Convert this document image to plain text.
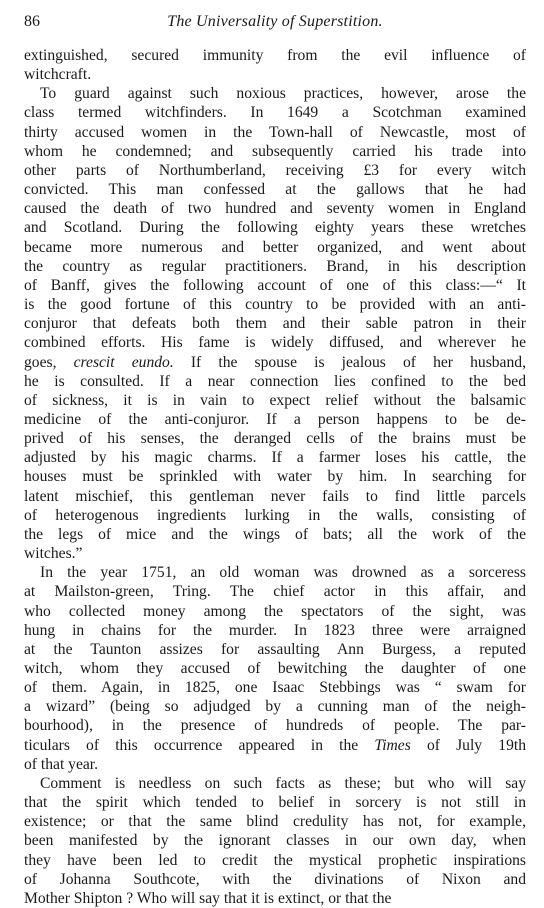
86	The Universality of Superstition.
extinguished, secured immunity from the evil influence of
witchcraft.
To guard against such noxious practices, however, arose the
class termed witchfinders. In 1649 a Scotchman examined
thirty accused women in the Town-hall of Newcastle, most of
whom he condemned; and subsequently carried his trade into
other parts of Northumberland, receiving £3 for every witch
convicted. This man confessed at the gallows that he had
caused the death of two hundred and seventy women in England
and Scotland. During the following eighty years these wretches
became more numerous and better organized, and went about
the country as regular practitioners. Brand, in his description
of Banff, gives the following account of one of this class:—“ It
is the good fortune of this country to be provided with an anti-
conjuror that defeats both them and their sable patron in their
combined efforts. His fame is widely diffused, and wherever he
goes, crescit eundo. If the spouse is jealous of her husband,
he is consulted. If a near connection lies confined to the bed
of sickness, it is in vain to expect relief without the balsamic
medicine of the anti-conjuror. If a person happens to be de-
prived of his senses, the deranged cells of the brains must be
adjusted by his magic charms. If a farmer loses his cattle, the
houses must be sprinkled with water by him. In searching for
latent mischief, this gentleman never fails to find little parcels
of heterogenous ingredients lurking in the walls, consisting of
the legs of mice and the wings of bats; all the work of the
witches.”
In the year 1751, an old woman was drowned as a sorceress
at Mailston-green, Tring. The chief actor in this affair, and
who collected money among the spectators of the sight, was
hung in chains for the murder. In 1823 three were arraigned
at the Taunton assizes for assaulting Ann Burgess, a reputed
witch, whom they accused of bewitching the daughter of one
of them. Again, in 1825, one Isaac Stebbings was “ swam for
a wizard” (being so adjudged by a cunning man of the neigh-
bourhood), in the presence of hundreds of people. The par-
ticulars of this occurrence appeared in the Times of July 19th
of that year.
Comment is needless on such facts as these; but who will say
that the spirit which tended to belief in sorcery is not still in
existence; or that the same blind credulity has not, for example,
been manifested by the ignorant classes in our own day, when
they have been led to credit the mystical prophetic inspirations
of Johanna Southcote, with the divinations of Nixon and
Mother Shipton ? Who will say that it is extinct, or that the
